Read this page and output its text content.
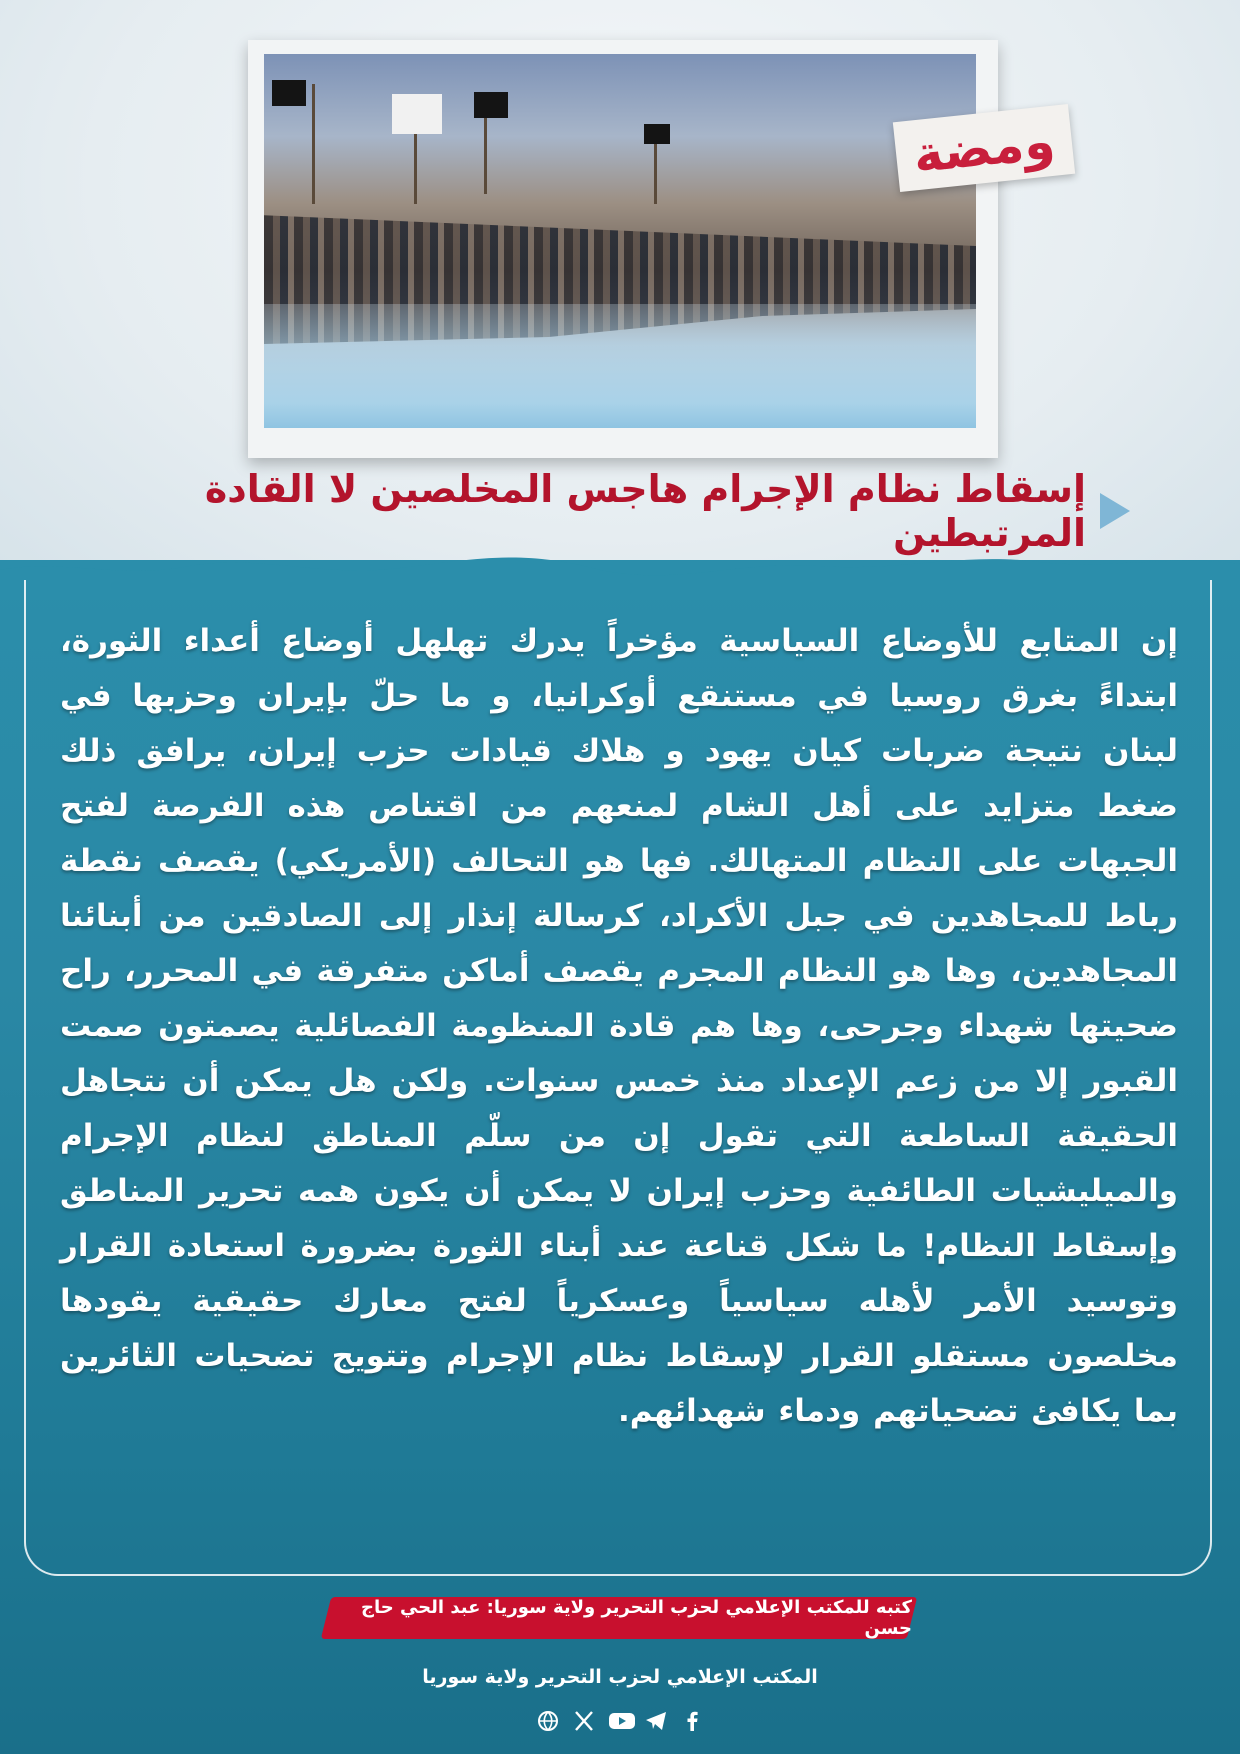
ومضة
إسقاط نظام الإجرام هاجس المخلصين لا القادة المرتبطين
إن المتابع للأوضاع السياسية مؤخراً يدرك تهلهل أوضاع أعداء الثورة، ابتداءً بغرق روسيا في مستنقع أوكرانيا، و ما حلّ بإيران وحزبها في لبنان نتيجة ضربات كيان يهود و هلاك قيادات حزب إيران، يرافق ذلك ضغط متزايد على أهل الشام لمنعهم من اقتناص هذه الفرصة لفتح الجبهات على النظام المتهالك. فها هو التحالف (الأمريكي) يقصف نقطة رباط للمجاهدين في جبل الأكراد، كرسالة إنذار إلى الصادقين من أبنائنا المجاهدين، وها هو النظام المجرم يقصف أماكن متفرقة في المحرر، راح ضحيتها شهداء وجرحى، وها هم قادة المنظومة الفصائلية يصمتون صمت القبور إلا من زعم الإعداد منذ خمس سنوات. ولكن هل يمكن أن نتجاهل الحقيقة الساطعة التي تقول إن من سلّم المناطق لنظام الإجرام والميليشيات الطائفية وحزب إيران لا يمكن أن يكون همه تحرير المناطق وإسقاط النظام! ما شكل قناعة عند أبناء الثورة بضرورة استعادة القرار وتوسيد الأمر لأهله سياسياً وعسكرياً لفتح معارك حقيقية يقودها مخلصون مستقلو القرار لإسقاط نظام الإجرام وتتويج تضحيات الثائرين بما يكافئ تضحياتهم ودماء شهدائهم.
كتبه للمكتب الإعلامي لحزب التحرير ولاية سوريا: عبد الحي حاج حسن
المكتب الإعلامي لحزب التحرير ولاية سوريا
